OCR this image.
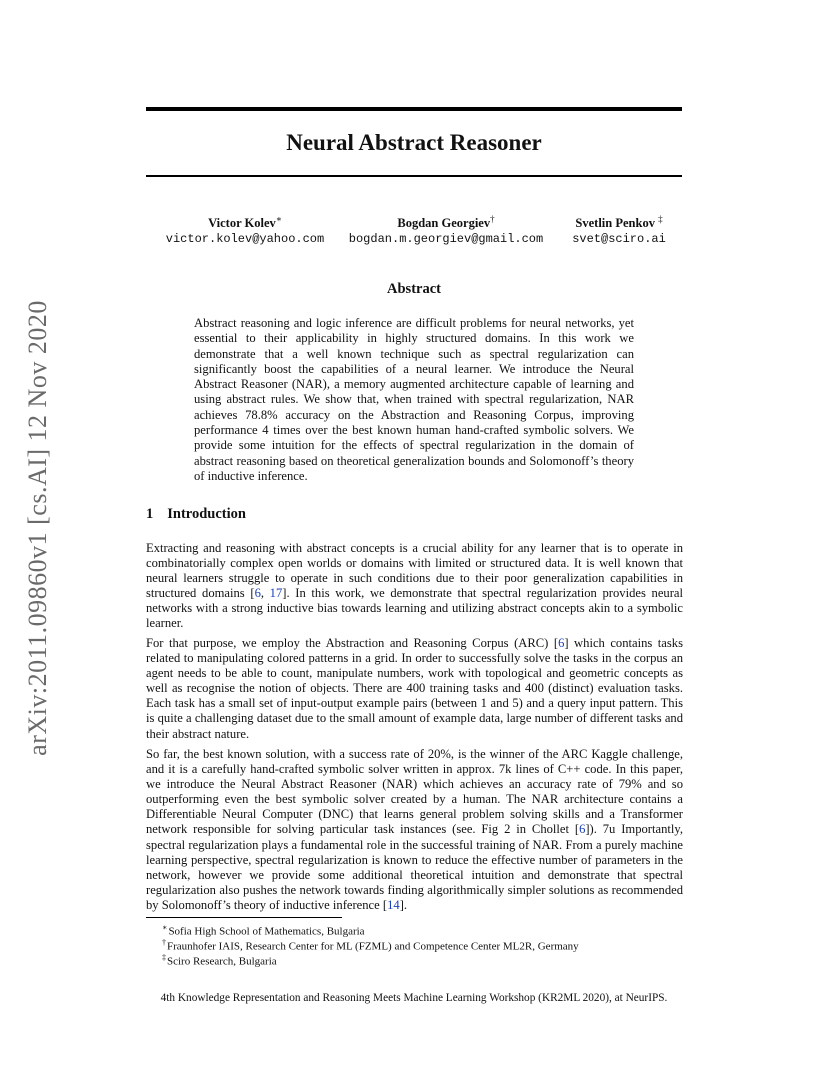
arXiv:2011.09860v1 [cs.AI] 12 Nov 2020
Neural Abstract Reasoner
Victor Kolev∗
victor.kolev@yahoo.com
Bogdan Georgiev†
bogdan.m.georgiev@gmail.com
Svetlin Penkov ‡
svet@sciro.ai
Abstract
Abstract reasoning and logic inference are difficult problems for neural networks, yet essential to their applicability in highly structured domains. In this work we demonstrate that a well known technique such as spectral regularization can significantly boost the capabilities of a neural learner. We introduce the Neural Abstract Reasoner (NAR), a memory augmented architecture capable of learning and using abstract rules. We show that, when trained with spectral regularization, NAR achieves 78.8% accuracy on the Abstraction and Reasoning Corpus, improving performance 4 times over the best known human hand-crafted symbolic solvers. We provide some intuition for the effects of spectral regularization in the domain of abstract reasoning based on theoretical generalization bounds and Solomonoff’s theory of inductive inference.
1 Introduction

Extracting and reasoning with abstract concepts is a crucial ability for any learner that is to operate in combinatorially complex open worlds or domains with limited or structured data. It is well known that neural learners struggle to operate in such conditions due to their poor generalization capabilities in structured domains [6, 17]. In this work, we demonstrate that spectral regularization provides neural networks with a strong inductive bias towards learning and utilizing abstract concepts akin to a symbolic learner.

For that purpose, we employ the Abstraction and Reasoning Corpus (ARC) [6] which contains tasks related to manipulating colored patterns in a grid. In order to successfully solve the tasks in the corpus an agent needs to be able to count, manipulate numbers, work with topological and geometric concepts as well as recognise the notion of objects. There are 400 training tasks and 400 (distinct) evaluation tasks. Each task has a small set of input-output example pairs (between 1 and 5) and a query input pattern. This is quite a challenging dataset due to the small amount of example data, large number of different tasks and their abstract nature.

So far, the best known solution, with a success rate of 20%, is the winner of the ARC Kaggle challenge, and it is a carefully hand-crafted symbolic solver written in approx. 7k lines of C++ code. In this paper, we introduce the Neural Abstract Reasoner (NAR) which achieves an accuracy rate of 79% and so outperforming even the best symbolic solver created by a human. The NAR architecture contains a Differentiable Neural Computer (DNC) that learns general problem solving skills and a Transformer network responsible for solving particular task instances (see. Fig 2 in Chollet [6]). 7u Importantly, spectral regularization plays a fundamental role in the successful training of NAR. From a purely machine learning perspective, spectral regularization is known to reduce the effective number of parameters in the network, however we provide some additional theoretical intuition and demonstrate that spectral regularization also pushes the network towards finding algorithmically simpler solutions as recommended by Solomonoff’s theory of inductive inference [14].

∗Sofia High School of Mathematics, Bulgaria
†Fraunhofer IAIS, Research Center for ML (FZML) and Competence Center ML2R, Germany
‡Sciro Research, Bulgaria
4th Knowledge Representation and Reasoning Meets Machine Learning Workshop (KR2ML 2020), at NeurIPS.
